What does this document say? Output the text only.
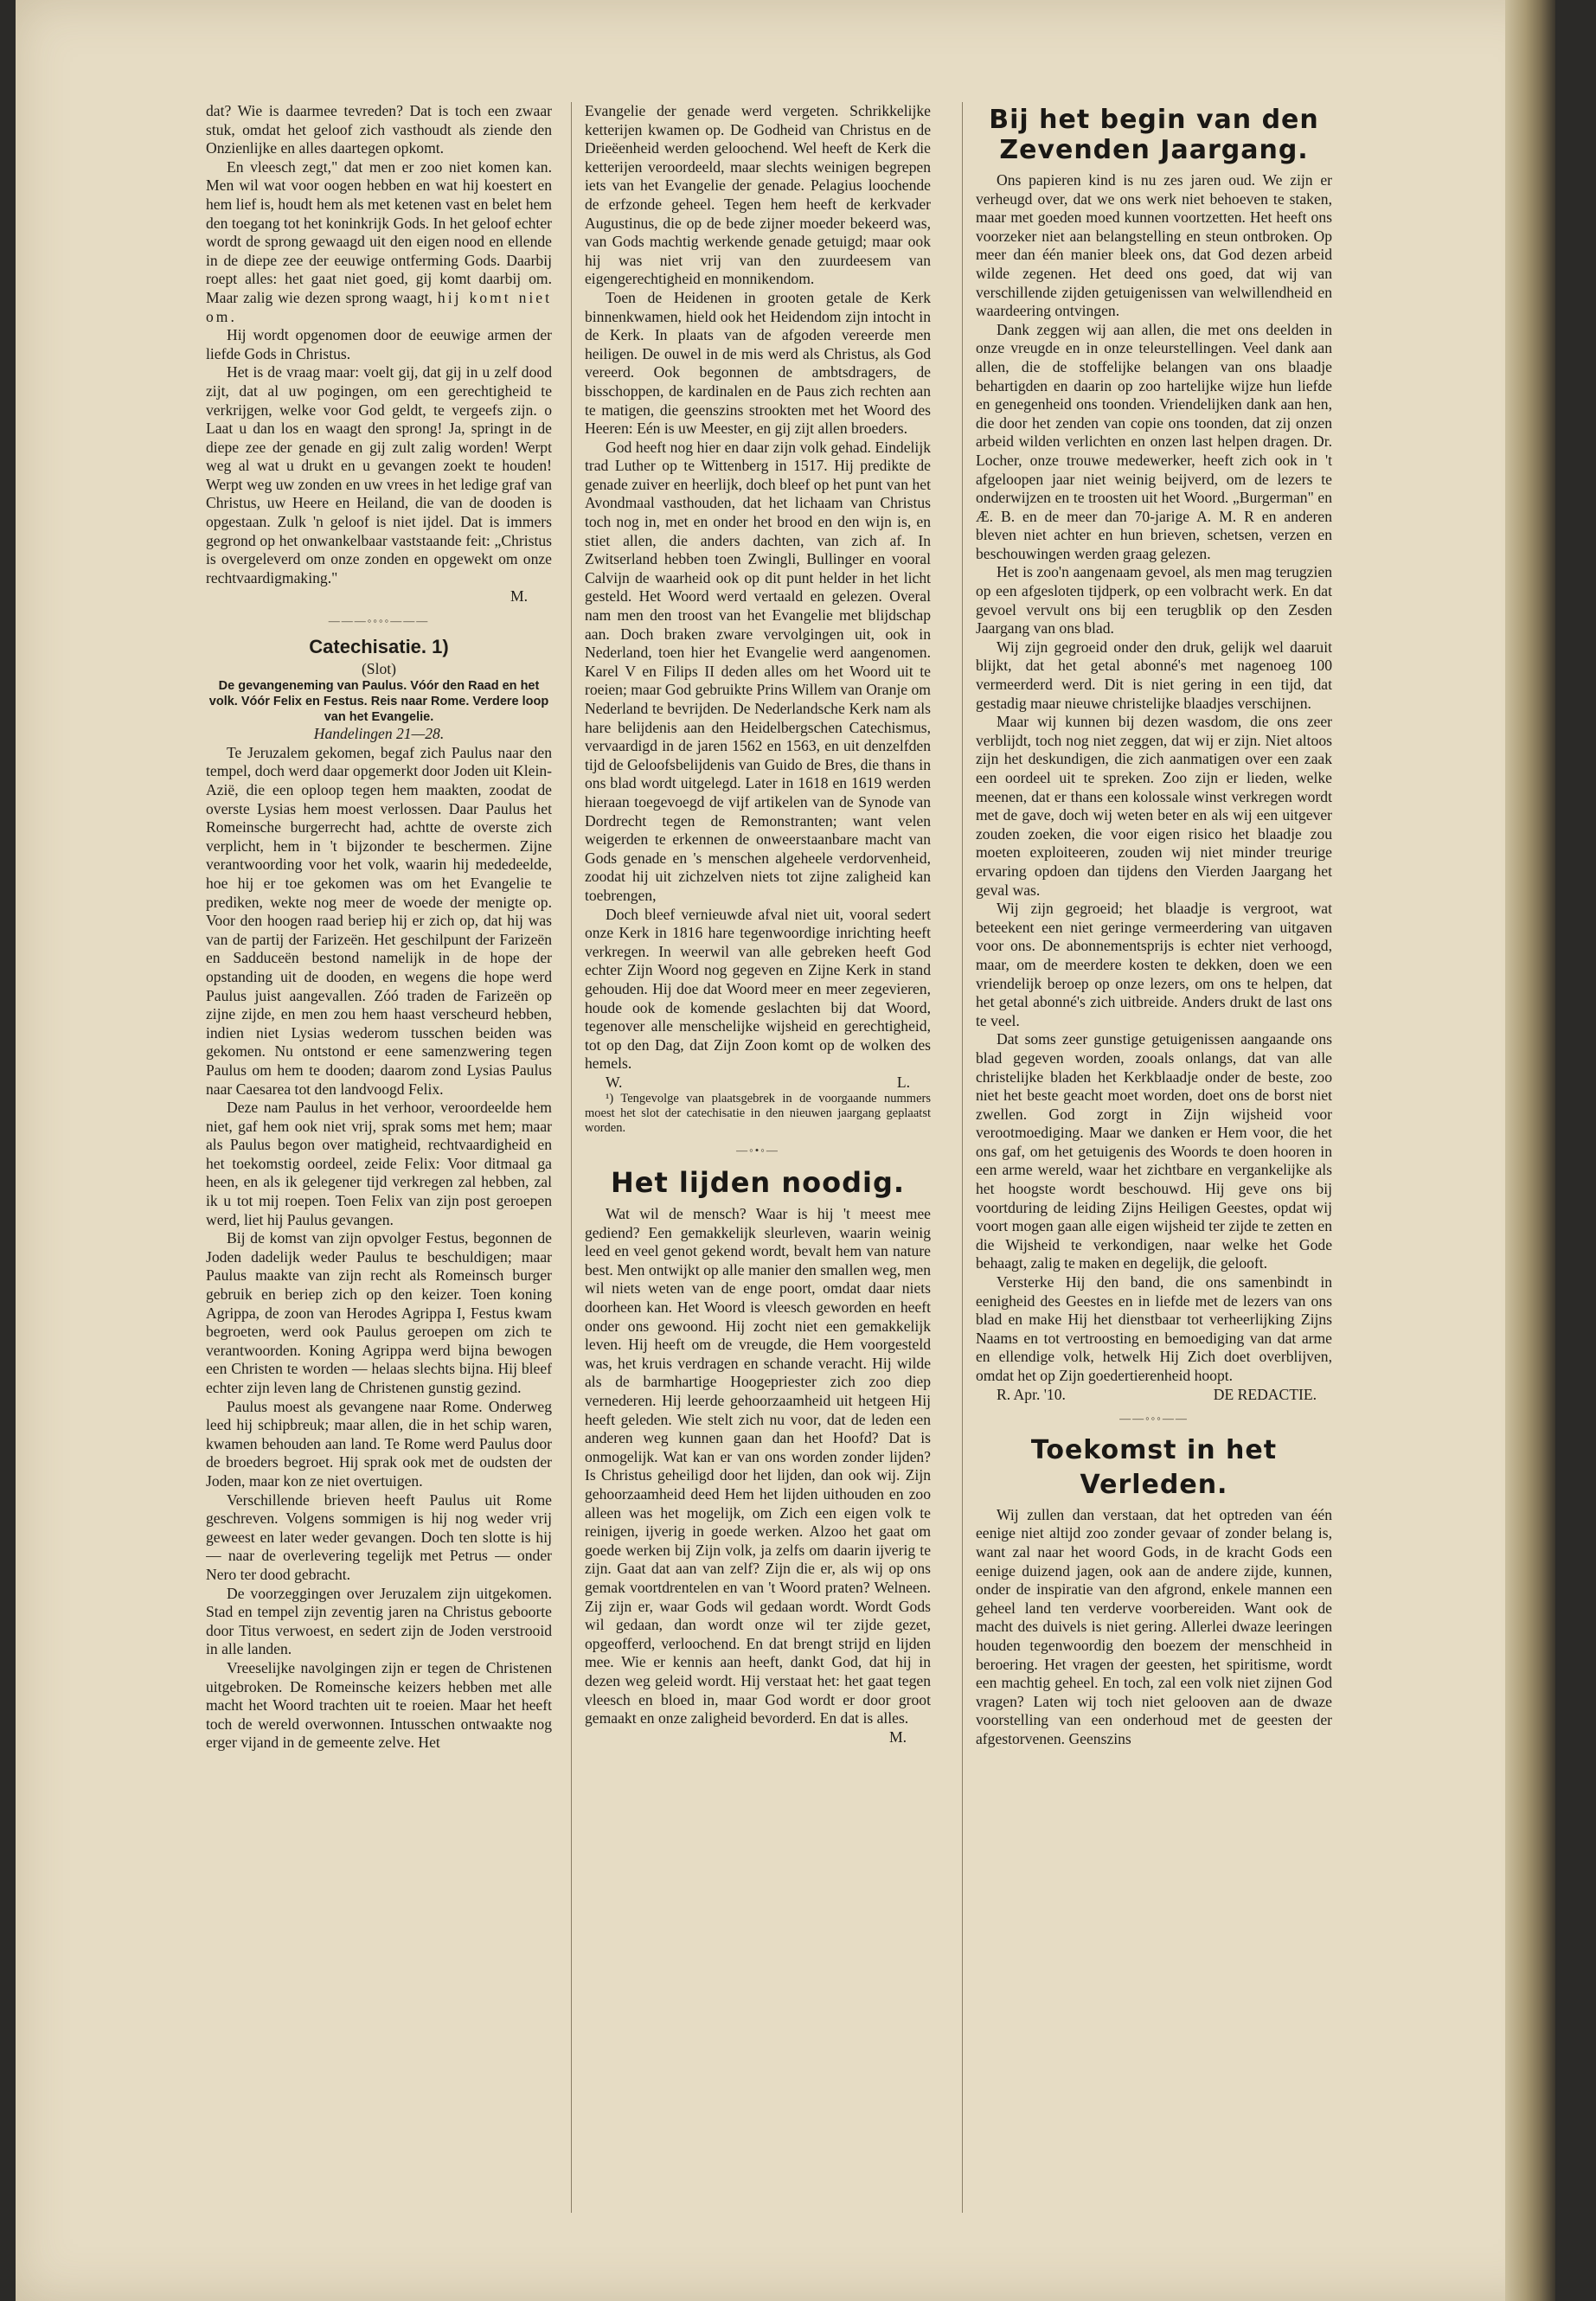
dat? Wie is daarmee tevreden? Dat is toch een zwaar stuk, omdat het geloof zich vasthoudt als ziende den Onzienlijke en alles daartegen opkomt.

En vleesch zegt," dat men er zoo niet komen kan. Men wil wat voor oogen hebben en wat hij koestert en hem lief is, houdt hem als met ketenen vast en belet hem den toegang tot het koninkrijk Gods. In het geloof echter wordt de sprong gewaagd uit den eigen nood en ellende in de diepe zee der eeuwige ontferming Gods. Daarbij roept alles: het gaat niet goed, gij komt daarbij om. Maar zalig wie dezen sprong waagt, hij komt niet om.

Hij wordt opgenomen door de eeuwige armen der liefde Gods in Christus.

Het is de vraag maar: voelt gij, dat gij in u zelf dood zijt, dat al uw pogingen, om een gerechtigheid te verkrijgen, welke voor God geldt, te vergeefs zijn. o Laat u dan los en waagt den sprong! Ja, springt in de diepe zee der genade en gij zult zalig worden! Werpt weg al wat u drukt en u gevangen zoekt te houden! Werpt weg uw zonden en uw vrees in het ledige graf van Christus, uw Heere en Heiland, die van de dooden is opgestaan. Zulk 'n geloof is niet ijdel. Dat is immers gegrond op het onwankelbaar vaststaande feit: „Christus is overgeleverd om onze zonden en opgewekt om onze rechtvaardigmaking."

M.
———◦◦◦◦———
Catechisatie. 1)
(Slot)
De gevangeneming van Paulus. Vóór den Raad en het volk. Vóór Felix en Festus. Reis naar Rome. Verdere loop van het Evangelie.
Handelingen 21—28.

Te Jeruzalem gekomen, begaf zich Paulus naar den tempel, doch werd daar opgemerkt door Joden uit Klein-Azië, die een oploop tegen hem maakten, zoodat de overste Lysias hem moest verlossen. Daar Paulus het Romeinsche burgerrecht had, achtte de overste zich verplicht, hem in 't bijzonder te beschermen. Zijne verantwoording voor het volk, waarin hij mededeelde, hoe hij er toe gekomen was om het Evangelie te prediken, wekte nog meer de woede der menigte op. Voor den hoogen raad beriep hij er zich op, dat hij was van de partij der Farizeën. Het geschilpunt der Farizeën en Sadduceën bestond namelijk in de hope der opstanding uit de dooden, en wegens die hope werd Paulus juist aangevallen. Zóó traden de Farizeën op zijne zijde, en men zou hem haast verscheurd hebben, indien niet Lysias wederom tusschen beiden was gekomen. Nu ontstond er eene samenzwering tegen Paulus om hem te dooden; daarom zond Lysias Paulus naar Caesarea tot den landvoogd Felix.

Deze nam Paulus in het verhoor, veroordeelde hem niet, gaf hem ook niet vrij, sprak soms met hem; maar als Paulus begon over matigheid, rechtvaardigheid en het toekomstig oordeel, zeide Felix: Voor ditmaal ga heen, en als ik gelegener tijd verkregen zal hebben, zal ik u tot mij roepen. Toen Felix van zijn post geroepen werd, liet hij Paulus gevangen.

Bij de komst van zijn opvolger Festus, begonnen de Joden dadelijk weder Paulus te beschuldigen; maar Paulus maakte van zijn recht als Romeinsch burger gebruik en beriep zich op den keizer. Toen koning Agrippa, de zoon van Herodes Agrippa I, Festus kwam begroeten, werd ook Paulus geroepen om zich te verantwoorden. Koning Agrippa werd bijna bewogen een Christen te worden — helaas slechts bijna. Hij bleef echter zijn leven lang de Christenen gunstig gezind.

Paulus moest als gevangene naar Rome. Onderweg leed hij schipbreuk; maar allen, die in het schip waren, kwamen behouden aan land. Te Rome werd Paulus door de broeders begroet. Hij sprak ook met de oudsten der Joden, maar kon ze niet overtuigen.

Verschillende brieven heeft Paulus uit Rome geschreven. Volgens sommigen is hij nog weder vrij geweest en later weder gevangen. Doch ten slotte is hij — naar de overlevering tegelijk met Petrus — onder Nero ter dood gebracht.

De voorzeggingen over Jeruzalem zijn uitgekomen. Stad en tempel zijn zeventig jaren na Christus geboorte door Titus verwoest, en sedert zijn de Joden verstrooid in alle landen.

Vreeselijke navolgingen zijn er tegen de Christenen uitgebroken. De Romeinsche keizers hebben met alle macht het Woord trachten uit te roeien. Maar het heeft toch de wereld overwonnen. Intusschen ontwaakte nog erger vijand in de gemeente zelve. Het

Evangelie der genade werd vergeten. Schrikkelijke ketterijen kwamen op. De Godheid van Christus en de Drieëenheid werden geloochend. Wel heeft de Kerk die ketterijen veroordeeld, maar slechts weinigen begrepen iets van het Evangelie der genade. Pelagius loochende de erfzonde geheel. Tegen hem heeft de kerkvader Augustinus, die op de bede zijner moeder bekeerd was, van Gods machtig werkende genade getuigd; maar ook hij was niet vrij van den zuurdeesem van eigengerechtigheid en monnikendom.

Toen de Heidenen in grooten getale de Kerk binnenkwamen, hield ook het Heidendom zijn intocht in de Kerk. In plaats van de afgoden vereerde men heiligen. De ouwel in de mis werd als Christus, als God vereerd. Ook begonnen de ambtsdragers, de bisschoppen, de kardinalen en de Paus zich rechten aan te matigen, die geenszins strookten met het Woord des Heeren: Eén is uw Meester, en gij zijt allen broeders.

God heeft nog hier en daar zijn volk gehad. Eindelijk trad Luther op te Wittenberg in 1517. Hij predikte de genade zuiver en heerlijk, doch bleef op het punt van het Avondmaal vasthouden, dat het lichaam van Christus toch nog in, met en onder het brood en den wijn is, en stiet allen, die anders dachten, van zich af. In Zwitserland hebben toen Zwingli, Bullinger en vooral Calvijn de waarheid ook op dit punt helder in het licht gesteld. Het Woord werd vertaald en gelezen. Overal nam men den troost van het Evangelie met blijdschap aan. Doch braken zware vervolgingen uit, ook in Nederland, toen hier het Evangelie werd aangenomen. Karel V en Filips II deden alles om het Woord uit te roeien; maar God gebruikte Prins Willem van Oranje om Nederland te bevrijden. De Nederlandsche Kerk nam als hare belijdenis aan den Heidelbergschen Catechismus, vervaardigd in de jaren 1562 en 1563, en uit denzelfden tijd de Geloofsbelijdenis van Guido de Bres, die thans in ons blad wordt uitgelegd. Later in 1618 en 1619 werden hieraan toegevoegd de vijf artikelen van de Synode van Dordrecht tegen de Remonstranten; want velen weigerden te erkennen de onweerstaanbare macht van Gods genade en 's menschen algeheele verdorvenheid, zoodat hij uit zichzelven niets tot zijne zaligheid kan toebrengen,

Doch bleef vernieuwde afval niet uit, vooral sedert onze Kerk in 1816 hare tegenwoordige inrichting heeft verkregen. In weerwil van alle gebreken heeft God echter Zijn Woord nog gegeven en Zijne Kerk in stand gehouden. Hij doe dat Woord meer en meer zegevieren, houde ook de komende geslachten bij dat Woord, tegenover alle menschelijke wijsheid en gerechtigheid, tot op den Dag, dat Zijn Zoon komt op de wolken des hemels.

W.	L.

¹) Tengevolge van plaatsgebrek in de voorgaande nummers moest het slot der catechisatie in den nieuwen jaargang geplaatst worden.

—◦•◦—
Het lijden noodig.

Wat wil de mensch? Waar is hij 't meest mee gediend? Een gemakkelijk sleurleven, waarin weinig leed en veel genot gekend wordt, bevalt hem van nature best. Men ontwijkt op alle manier den smallen weg, men wil niets weten van de enge poort, omdat daar niets doorheen kan. Het Woord is vleesch geworden en heeft onder ons gewoond. Hij zocht niet een gemakkelijk leven. Hij heeft om de vreugde, die Hem voorgesteld was, het kruis verdragen en schande veracht. Hij wilde als de barmhartige Hoogepriester zich zoo diep vernederen. Hij leerde gehoorzaamheid uit hetgeen Hij heeft geleden. Wie stelt zich nu voor, dat de leden een anderen weg kunnen gaan dan het Hoofd? Dat is onmogelijk. Wat kan er van ons worden zonder lijden? Is Christus geheiligd door het lijden, dan ook wij. Zijn gehoorzaamheid deed Hem het lijden uithouden en zoo alleen was het mogelijk, om Zich een eigen volk te reinigen, ijverig in goede werken. Alzoo het gaat om goede werken bij Zijn volk, ja zelfs om daarin ijverig te zijn. Gaat dat aan van zelf? Zijn die er, als wij op ons gemak voortdrentelen en van 't Woord praten? Welneen. Zij zijn er, waar Gods wil gedaan wordt. Wordt Gods wil gedaan, dan wordt onze wil ter zijde gezet, opgeofferd, verloochend. En dat brengt strijd en lijden mee. Wie er kennis aan heeft, dankt God, dat hij in dezen weg geleid wordt. Hij verstaat het: het gaat tegen vleesch en bloed in, maar God wordt er door groot gemaakt en onze zaligheid bevorderd. En dat is alles.

M.
Bij het begin van den
Zevenden Jaargang.

Ons papieren kind is nu zes jaren oud. We zijn er verheugd over, dat we ons werk niet behoeven te staken, maar met goeden moed kunnen voortzetten. Het heeft ons voorzeker niet aan belangstelling en steun ontbroken. Op meer dan één manier bleek ons, dat God dezen arbeid wilde zegenen. Het deed ons goed, dat wij van verschillende zijden getuigenissen van welwillendheid en waardeering ontvingen.

Dank zeggen wij aan allen, die met ons deelden in onze vreugde en in onze teleurstellingen. Veel dank aan allen, die de stoffelijke belangen van ons blaadje behartigden en daarin op zoo hartelijke wijze hun liefde en genegenheid ons toonden. Vriendelijken dank aan hen, die door het zenden van copie ons toonden, dat zij onzen arbeid wilden verlichten en onzen last helpen dragen. Dr. Locher, onze trouwe medewerker, heeft zich ook in 't afgeloopen jaar niet weinig beijverd, om de lezers te onderwijzen en te troosten uit het Woord. „Burgerman" en Æ. B. en de meer dan 70-jarige A. M. R en anderen bleven niet achter en hun brieven, schetsen, verzen en beschouwingen werden graag gelezen.

Het is zoo'n aangenaam gevoel, als men mag terugzien op een afgesloten tijdperk, op een volbracht werk. En dat gevoel vervult ons bij een terugblik op den Zesden Jaargang van ons blad.

Wij zijn gegroeid onder den druk, gelijk wel daaruit blijkt, dat het getal abonné's met nagenoeg 100 vermeerderd werd. Dit is niet gering in een tijd, dat gestadig maar nieuwe christelijke blaadjes verschijnen.

Maar wij kunnen bij dezen wasdom, die ons zeer verblijdt, toch nog niet zeggen, dat wij er zijn. Niet altoos zijn het deskundigen, die zich aanmatigen over een zaak een oordeel uit te spreken. Zoo zijn er lieden, welke meenen, dat er thans een kolossale winst verkregen wordt met de gave, doch wij weten beter en als wij een uitgever zouden zoeken, die voor eigen risico het blaadje zou moeten exploiteeren, zouden wij niet minder treurige ervaring opdoen dan tijdens den Vierden Jaargang het geval was.

Wij zijn gegroeid; het blaadje is vergroot, wat beteekent een niet geringe vermeerdering van uitgaven voor ons. De abonnementsprijs is echter niet verhoogd, maar, om de meerdere kosten te dekken, doen we een vriendelijk beroep op onze lezers, om ons te helpen, dat het getal abonné's zich uitbreide. Anders drukt de last ons te veel.

Dat soms zeer gunstige getuigenissen aangaande ons blad gegeven worden, zooals onlangs, dat van alle christelijke bladen het Kerkblaadje onder de beste, zoo niet het beste geacht moet worden, doet ons de borst niet zwellen. God zorgt in Zijn wijsheid voor verootmoediging. Maar we danken er Hem voor, die het ons gaf, om het getuigenis des Woords te doen hooren in een arme wereld, waar het zichtbare en vergankelijke als het hoogste wordt beschouwd. Hij geve ons bij voortduring de leiding Zijns Heiligen Geestes, opdat wij voort mogen gaan alle eigen wijsheid ter zijde te zetten en die Wijsheid te verkondigen, naar welke het Gode behaagt, zalig te maken en degelijk, die gelooft.

Versterke Hij den band, die ons samenbindt in eenigheid des Geestes en in liefde met de lezers van ons blad en make Hij het dienstbaar tot verheerlijking Zijns Naams en tot vertroosting en bemoediging van dat arme en ellendige volk, hetwelk Hij Zich doet overblijven, omdat het op Zijn goedertierenheid hoopt.

R. Apr. '10.	DE REDACTIE.
——◦◦◦——
Toekomst in het Verleden.

Wij zullen dan verstaan, dat het optreden van één eenige niet altijd zoo zonder gevaar of zonder belang is, want zal naar het woord Gods, in de kracht Gods een eenige duizend jagen, ook aan de andere zijde, kunnen, onder de inspiratie van den afgrond, enkele mannen een geheel land ten verderve voorbereiden. Want ook de macht des duivels is niet gering. Allerlei dwaze leeringen houden tegenwoordig den boezem der menschheid in beroering. Het vragen der geesten, het spiritisme, wordt een machtig geheel. En toch, zal een volk niet zijnen God vragen? Laten wij toch niet gelooven aan de dwaze voorstelling van een onderhoud met de geesten der afgestorvenen. Geenszins
